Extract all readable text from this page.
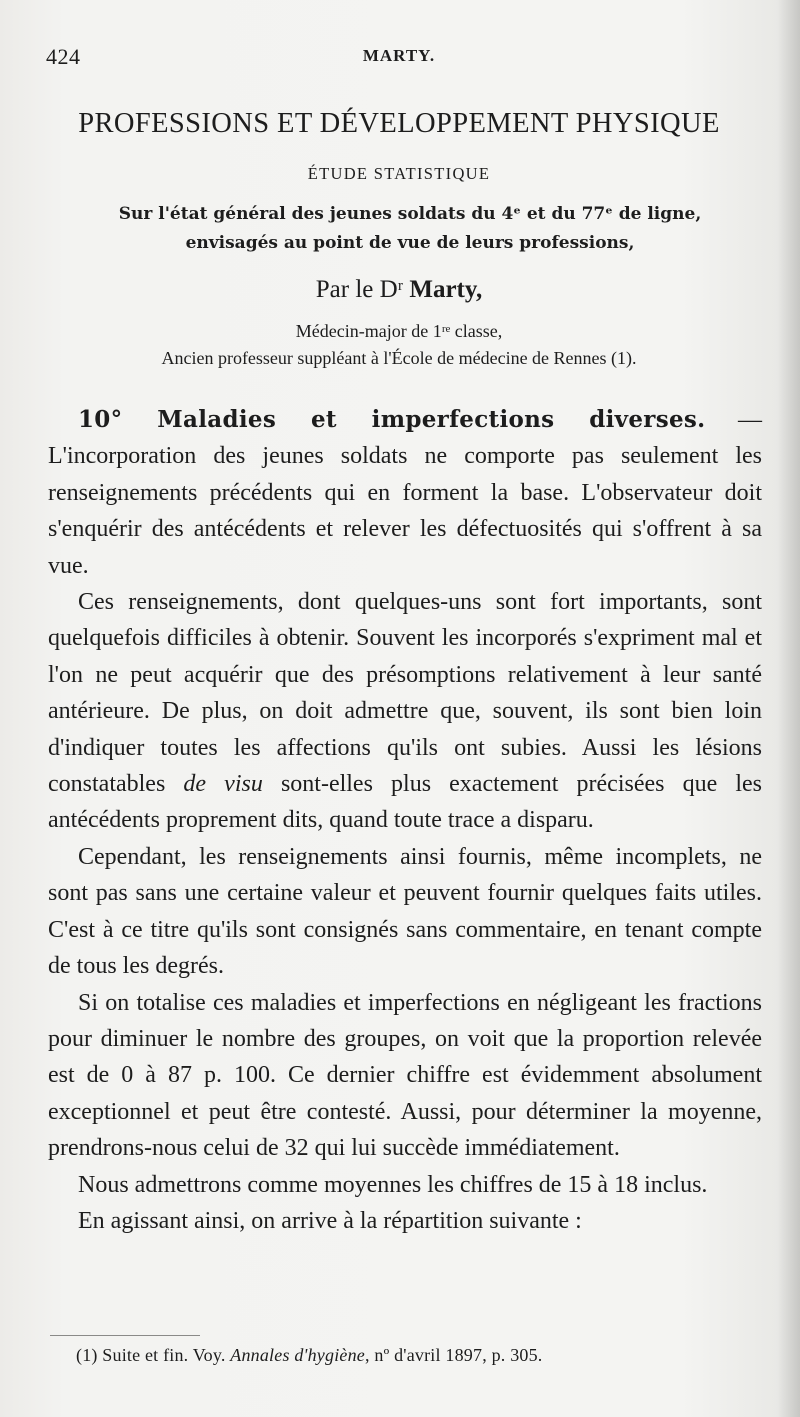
424	MARTY.
PROFESSIONS ET DÉVELOPPEMENT PHYSIQUE
ÉTUDE STATISTIQUE
Sur l'état général des jeunes soldats du 4ᵉ et du 77ᵉ de ligne,
envisagés au point de vue de leurs professions,
Par le Dʳ Marty,
Médecin-major de 1ʳᵉ classe,
Ancien professeur suppléant à l'École de médecine de Rennes (1).

10° Maladies et imperfections diverses. — L'incorporation des jeunes soldats ne comporte pas seulement les renseignements précédents qui en forment la base. L'observateur doit s'enquérir des antécédents et relever les défectuosités qui s'offrent à sa vue.

Ces renseignements, dont quelques-uns sont fort importants, sont quelquefois difficiles à obtenir. Souvent les incorporés s'expriment mal et l'on ne peut acquérir que des présomptions relativement à leur santé antérieure. De plus, on doit admettre que, souvent, ils sont bien loin d'indiquer toutes les affections qu'ils ont subies. Aussi les lésions constatables de visu sont-elles plus exactement précisées que les antécédents proprement dits, quand toute trace a disparu.

Cependant, les renseignements ainsi fournis, même incomplets, ne sont pas sans une certaine valeur et peuvent fournir quelques faits utiles. C'est à ce titre qu'ils sont consignés sans commentaire, en tenant compte de tous les degrés.

Si on totalise ces maladies et imperfections en négligeant les fractions pour diminuer le nombre des groupes, on voit que la proportion relevée est de 0 à 87 p. 100. Ce dernier chiffre est évidemment absolument exceptionnel et peut être contesté. Aussi, pour déterminer la moyenne, prendrons-nous celui de 32 qui lui succède immédiatement.

Nous admettrons comme moyennes les chiffres de 15 à 18 inclus.

En agissant ainsi, on arrive à la répartition suivante :

(1) Suite et fin. Voy. Annales d'hygiène, nº d'avril 1897, p. 305.
